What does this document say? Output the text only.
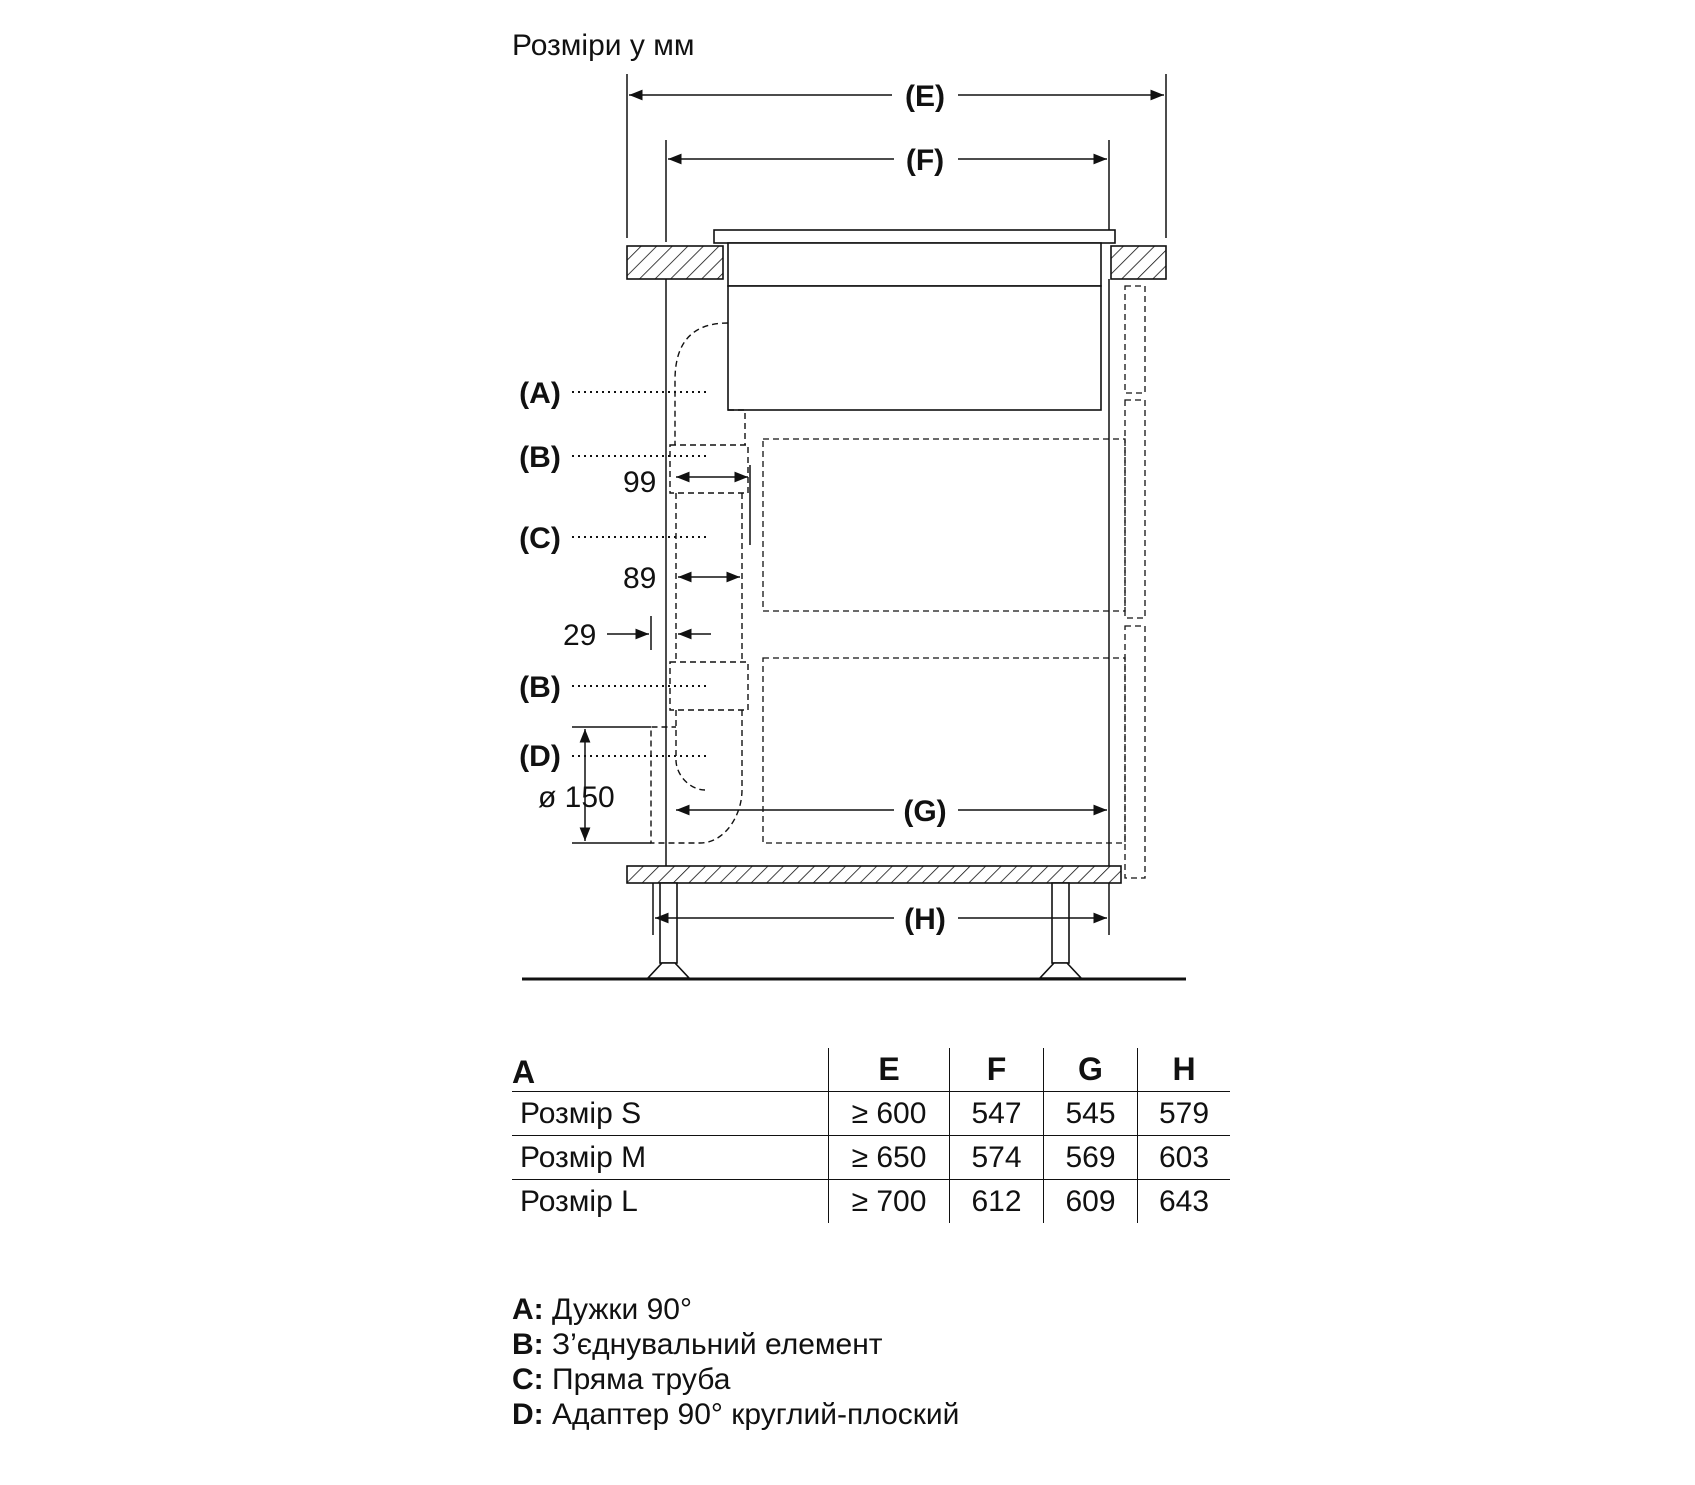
Розміри у мм
(E)
(F)
(A)
(B)
(C)
(B)
(D)
99
89
29
ø 150	(G)
(H)
A	E	F	G	H
Розмір S	≥ 600	547	545	579
Розмір M	≥ 650	574	569	603
Розмір L	≥ 700	612	609	643
A: Дужки 90°
B: З’єднувальний елемент
C: Пряма труба
D: Адаптер 90° круглий-плоский
